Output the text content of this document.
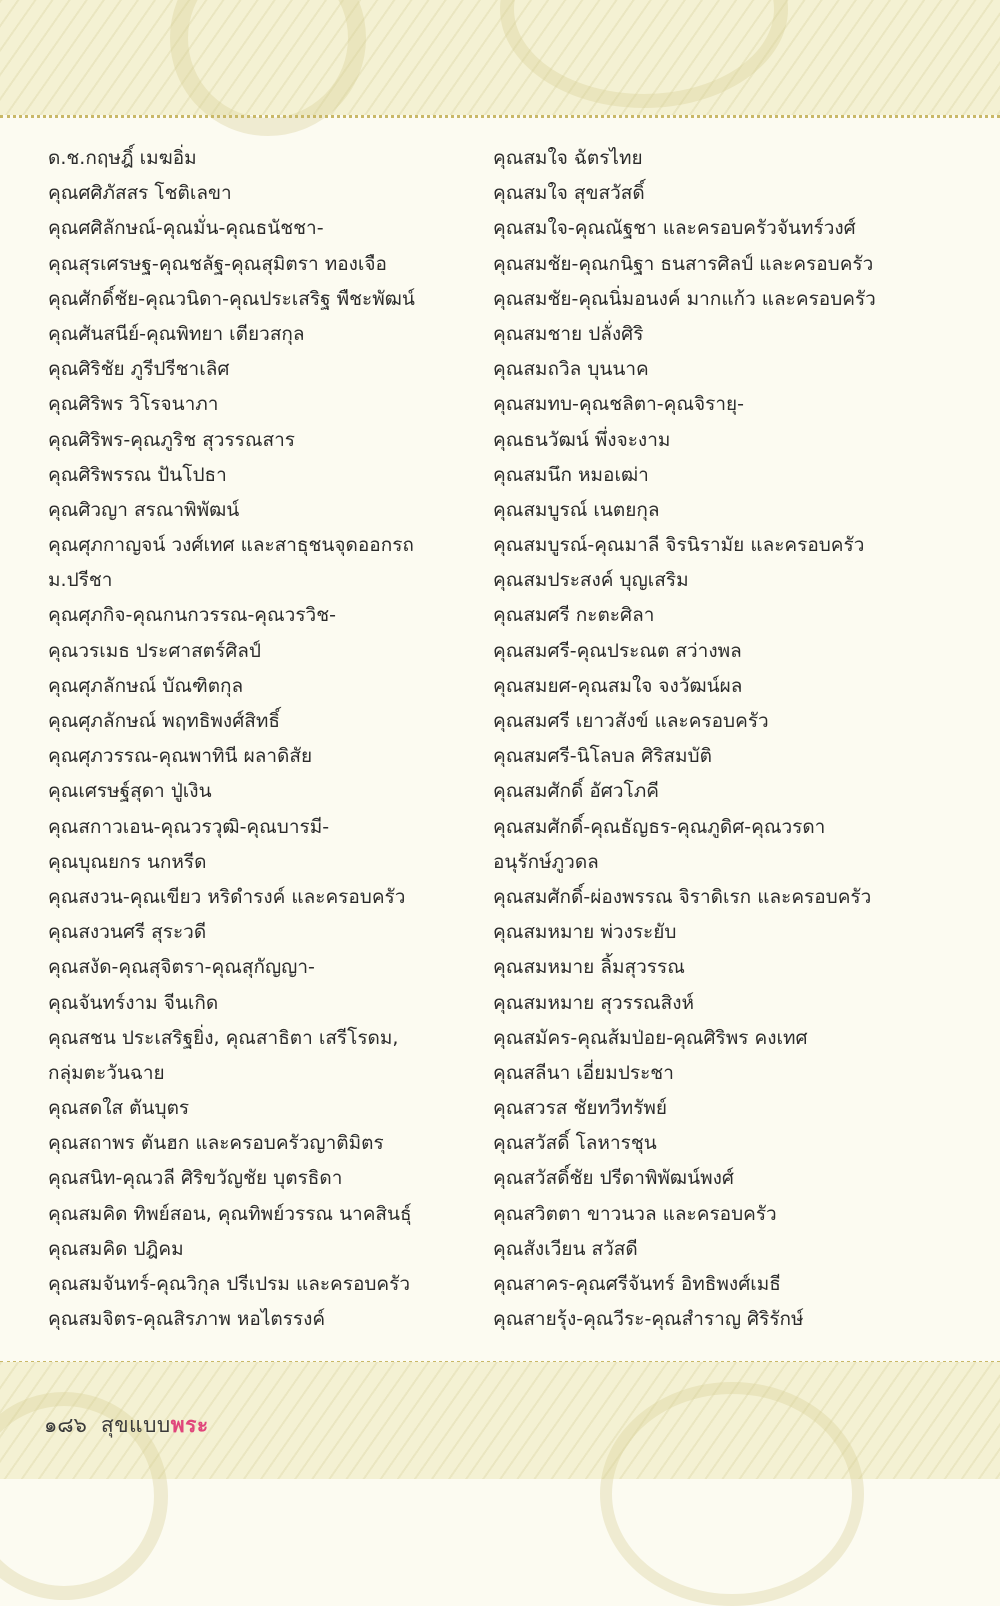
ด.ช.กฤษฎิ์ เมฆอิ่ม
คุณศศิภัสสร โชติเลขา
คุณศศิลักษณ์-คุณมั่น-คุณธนัชชา-
คุณสุรเศรษฐ-คุณชลัฐ-คุณสุมิตรา ทองเจือ
คุณศักดิ์ชัย-คุณวนิดา-คุณประเสริฐ พืชะพัฒน์
คุณศันสนีย์-คุณพิทยา เตียวสกุล
คุณศิริชัย ภูรีปรีชาเลิศ
คุณศิริพร วิโรจนาภา
คุณศิริพร-คุณภูริช สุวรรณสาร
คุณศิริพรรณ ปันโปธา
คุณศิวญา สรณาพิพัฒน์
คุณศุภกาญจน์ วงศ์เทศ และสาธุชนจุดออกรถ
ม.ปรีชา
คุณศุภกิจ-คุณกนกวรรณ-คุณวรวิช-
คุณวรเมธ ประศาสตร์ศิลป์
คุณศุภลักษณ์ บัณฑิตกุล
คุณศุภลักษณ์ พฤทธิพงศ์สิทธิ์
คุณศุภวรรณ-คุณพาทินี ผลาดิสัย
คุณเศรษฐ์สุดา ปู่เงิน
คุณสกาวเอน-คุณวรวุฒิ-คุณบารมี-
คุณบุณยกร นกหรีด
คุณสงวน-คุณเขียว หริดำรงค์ และครอบครัว
คุณสงวนศรี สุระวดี
คุณสงัด-คุณสุจิตรา-คุณสุกัญญา-
คุณจันทร์งาม จีนเกิด
คุณสชน ประเสริฐยิ่ง, คุณสาธิตา เสรีโรดม,
กลุ่มตะวันฉาย
คุณสดใส ตันบุตร
คุณสถาพร ตันฮก และครอบครัวญาติมิตร
คุณสนิท-คุณวลี ศิริขวัญชัย บุตรธิดา
คุณสมคิด ทิพย์สอน, คุณทิพย์วรรณ นาคสินธุ์
คุณสมคิด ปฎิคม
คุณสมจันทร์-คุณวิกุล ปรีเปรม และครอบครัว
คุณสมจิตร-คุณสิรภาพ หอไตรรงค์
คุณสมใจ ฉัตรไทย
คุณสมใจ สุขสวัสดิ์
คุณสมใจ-คุณณัฐชา และครอบครัวจันทร์วงศ์
คุณสมชัย-คุณกนิฐา ธนสารศิลป์ และครอบครัว
คุณสมชัย-คุณนิ่มอนงค์ มากแก้ว และครอบครัว
คุณสมชาย ปลั่งศิริ
คุณสมถวิล บุนนาค
คุณสมทบ-คุณชลิตา-คุณจิรายุ-
คุณธนวัฒน์ พึ่งจะงาม
คุณสมนึก หมอเฒ่า
คุณสมบูรณ์ เนตยกุล
คุณสมบูรณ์-คุณมาลี จิรนิรามัย และครอบครัว
คุณสมประสงค์ บุญเสริม
คุณสมศรี กะตะศิลา
คุณสมศรี-คุณประณต สว่างพล
คุณสมยศ-คุณสมใจ จงวัฒน์ผล
คุณสมศรี เยาวสังข์ และครอบครัว
คุณสมศรี-นิโลบล ศิริสมบัติ
คุณสมศักดิ์ อัศวโภคี
คุณสมศักดิ์-คุณธัญธร-คุณภูดิศ-คุณวรดา
อนุรักษ์ภูวดล
คุณสมศักดิ์-ผ่องพรรณ จิราดิเรก และครอบครัว
คุณสมหมาย พ่วงระยับ
คุณสมหมาย ลิ้มสุวรรณ
คุณสมหมาย สุวรรณสิงห์
คุณสมัคร-คุณส้มป่อย-คุณศิริพร คงเทศ
คุณสลีนา เอี่ยมประชา
คุณสวรส ชัยทวีทรัพย์
คุณสวัสดิ์ โลหารชุน
คุณสวัสดิ์ชัย ปรีดาพิพัฒน์พงศ์
คุณสวิตตา ขาวนวล และครอบครัว
คุณสังเวียน สวัสดี
คุณสาคร-คุณศรีจันทร์ อิทธิพงศ์เมธี
คุณสายรุ้ง-คุณวีระ-คุณสำราญ ศิริรักษ์
๑๘๖ สุขแบบพระ
